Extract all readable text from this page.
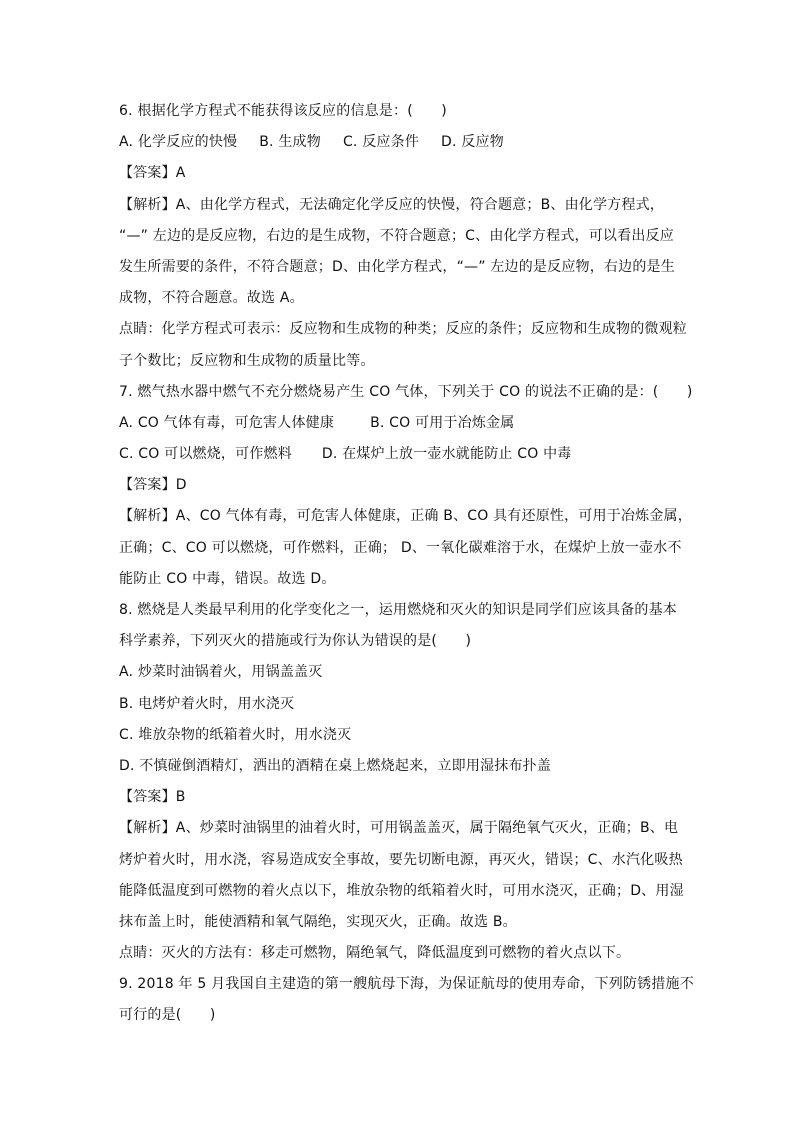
6. 根据化学方程式不能获得该反应的信息是：(　　)
A. 化学反应的快慢 B. 生成物 C. 反应条件 D. 反应物
【答案】A
【解析】A、由化学方程式，无法确定化学反应的快慢，符合题意；B、由化学方程式，
“—” 左边的是反应物，右边的是生成物，不符合题意；C、由化学方程式，可以看出反应
发生所需要的条件，不符合题意；D、由化学方程式，“—” 左边的是反应物，右边的是生
成物，不符合题意。故选 A。
点睛：化学方程式可表示：反应物和生成物的种类；反应的条件；反应物和生成物的微观粒
子个数比；反应物和生成物的质量比等。
7. 燃气热水器中燃气不充分燃烧易产生 CO 气体，下列关于 CO 的说法不正确的是：(　　)
A. CO 气体有毒，可危害人体健康	B. CO 可用于冶炼金属
C. CO 可以燃烧，可作燃料 D. 在煤炉上放一壶水就能防止 CO 中毒
【答案】D
【解析】A、CO 气体有毒，可危害人体健康，正确 B、CO 具有还原性，可用于冶炼金属，
正确；C、CO 可以燃烧，可作燃料，正确； D、一氧化碳难溶于水，在煤炉上放一壶水不
能防止 CO 中毒，错误。故选 D。
8. 燃烧是人类最早利用的化学变化之一，运用燃烧和灭火的知识是同学们应该具备的基本
科学素养，下列灭火的措施或行为你认为错误的是(　　)
A. 炒菜时油锅着火，用锅盖盖灭
B. 电烤炉着火时，用水浇灭
C. 堆放杂物的纸箱着火时，用水浇灭
D. 不慎碰倒酒精灯，洒出的酒精在桌上燃烧起来，立即用湿抹布扑盖
【答案】B
【解析】A、炒菜时油锅里的油着火时，可用锅盖盖灭，属于隔绝氧气灭火，正确；B、电
烤炉着火时，用水浇，容易造成安全事故，要先切断电源，再灭火，错误；C、水汽化吸热
能降低温度到可燃物的着火点以下，堆放杂物的纸箱着火时，可用水浇灭，正确；D、用湿
抹布盖上时，能使酒精和氧气隔绝，实现灭火，正确。故选 B。
点睛：灭火的方法有：移走可燃物，隔绝氧气，降低温度到可燃物的着火点以下。
9. 2018 年 5 月我国自主建造的第一艘航母下海，为保证航母的使用寿命，下列防锈措施不
可行的是(　　)
